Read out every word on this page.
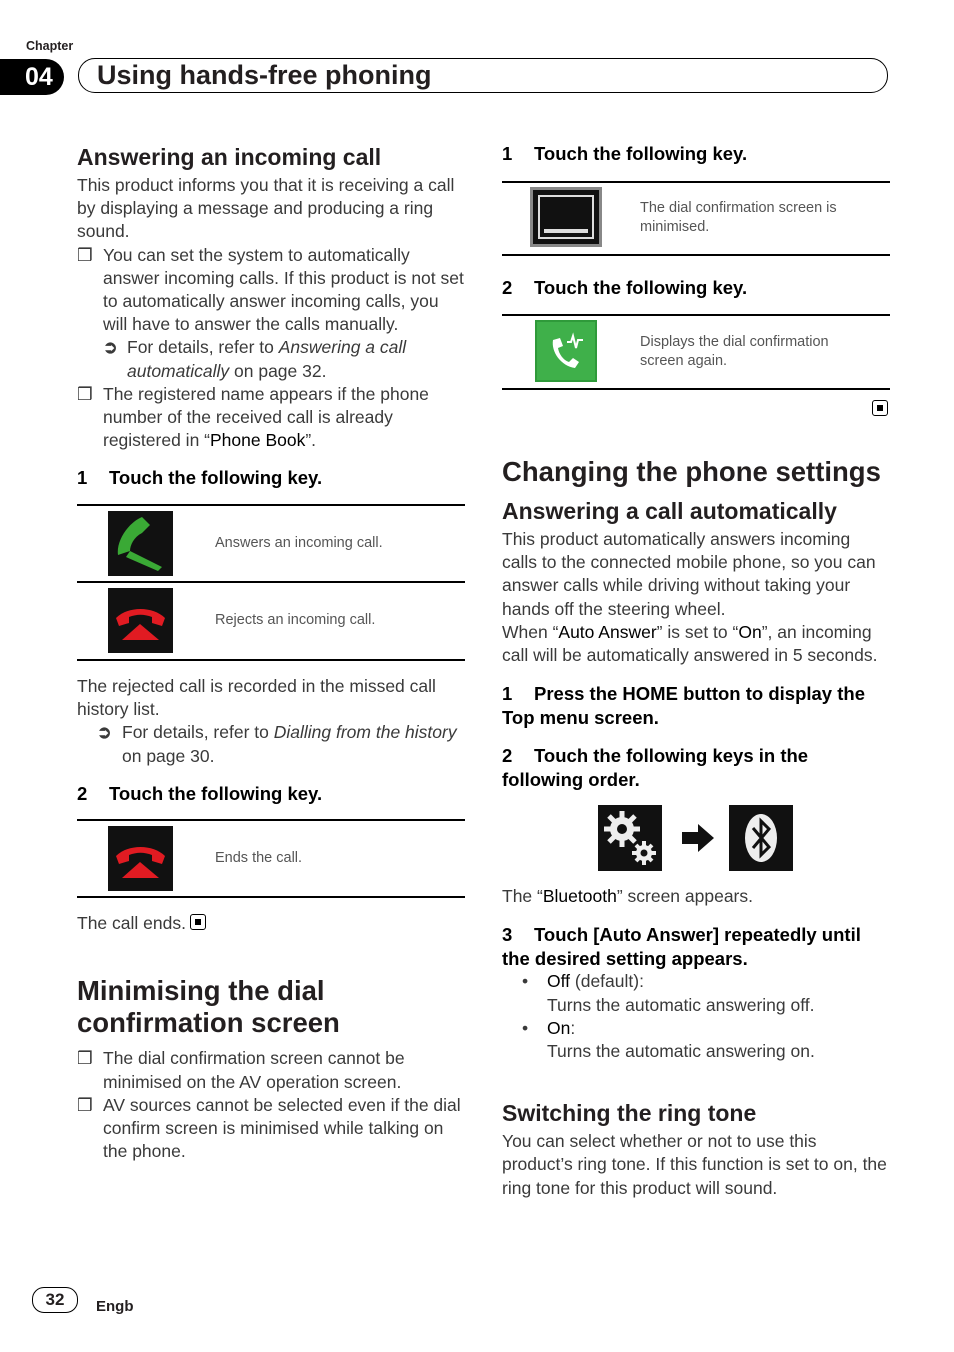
Chapter
04	Using hands-free phoning
Answering an incoming call
This product informs you that it is receiving a call by displaying a message and producing a ring sound.
❒ You can set the system to automatically answer incoming calls. If this product is not set to automatically answer incoming calls, you will have to answer the calls manually.
➲ For details, refer to Answering a call automatically on page 32.
❒ The registered name appears if the phone number of the received call is already registered in “Phone Book”.
1 Touch the following key.
Answers an incoming call.
Rejects an incoming call.
The rejected call is recorded in the missed call history list.
➲ For details, refer to Dialling from the history on page 30.
2 Touch the following key.
Ends the call.
The call ends.
Minimising the dial confirmation screen
❒ The dial confirmation screen cannot be minimised on the AV operation screen.
❒ AV sources cannot be selected even if the dial confirm screen is minimised while talking on the phone.
1 Touch the following key.
The dial confirmation screen is minimised.
2 Touch the following key.
Displays the dial confirmation screen again.
Changing the phone settings
Answering a call automatically
This product automatically answers incoming calls to the connected mobile phone, so you can answer calls while driving without taking your hands off the steering wheel.
When “Auto Answer” is set to “On”, an incoming call will be automatically answered in 5 seconds.
1 Press the HOME button to display the Top menu screen.
2 Touch the following keys in the following order.
The “Bluetooth” screen appears.
3 Touch [Auto Answer] repeatedly until the desired setting appears.
• Off (default):
Turns the automatic answering off.
• On:
Turns the automatic answering on.
Switching the ring tone
You can select whether or not to use this product’s ring tone. If this function is set to on, the ring tone for this product will sound.
32	Engb
